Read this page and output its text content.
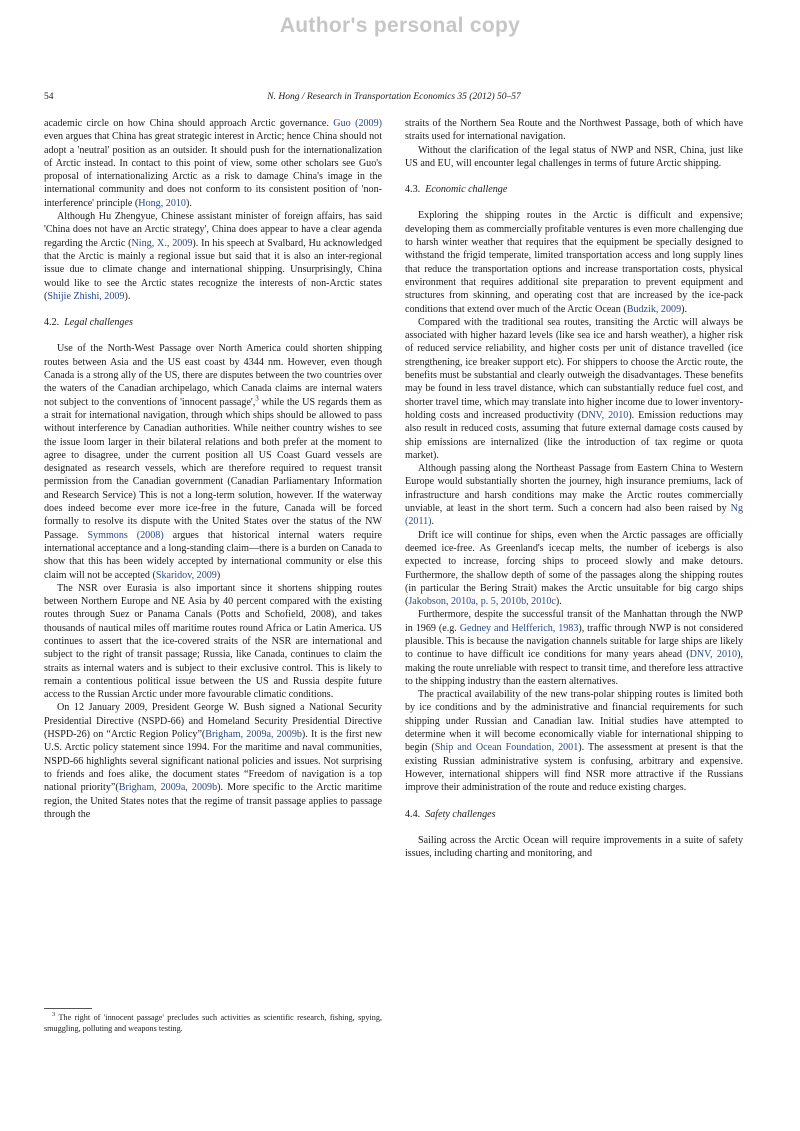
Author's personal copy
54	N. Hong / Research in Transportation Economics 35 (2012) 50–57

academic circle on how China should approach Arctic governance. Guo (2009) even argues that China has great strategic interest in Arctic; hence China should not adopt a 'neutral' position as an outsider. It should push for the internationalization of Arctic instead. In contact to this point of view, some other scholars see Guo's proposal of internationalizing Arctic as a risk to damage China's image in the international community and does not conform to its consistent position of 'non-interference' principle (Hong, 2010).

Although Hu Zhengyue, Chinese assistant minister of foreign affairs, has said 'China does not have an Arctic strategy', China does appear to have a clear agenda regarding the Arctic (Ning, X., 2009). In his speech at Svalbard, Hu acknowledged that the Arctic is mainly a regional issue but said that it is also an inter-regional issue due to climate change and international shipping. Unsurprisingly, China would like to see the Arctic states recognize the interests of non-Arctic states (Shijie Zhishi, 2009).

4.2. Legal challenges

Use of the North-West Passage over North America could shorten shipping routes between Asia and the US east coast by 4344 nm. However, even though Canada is a strong ally of the US, there are disputes between the two countries over the waters of the Canadian archipelago, which Canada claims are internal waters not subject to the conventions of 'innocent passage',$^3$ while the US regards them as a strait for international navigation, through which ships should be allowed to pass without interference by Canadian authorities. While neither country wishes to see the issue loom larger in their bilateral relations and both prefer at the moment to agree to disagree, under the current position all US Coast Guard vessels are designated as research vessels, which are therefore required to request transit permission from the Canadian government (Canadian Parliamentary Information and Research Service) This is not a long-term solution, however. If the waterway does indeed become ever more ice-free in the future, Canada will be forced formally to resolve its dispute with the United States over the status of the NW Passage. Symmons (2008) argues that historical internal waters require international acceptance and a long-standing claim—there is a burden on Canada to show that this has been widely accepted by international community or else this claim will not be accepted (Skaridov, 2009)

The NSR over Eurasia is also important since it shortens shipping routes between Northern Europe and NE Asia by 40 percent compared with the existing routes through Suez or Panama Canals (Potts and Schofield, 2008), and takes thousands of nautical miles off maritime routes round Africa or Latin America. US continues to assert that the ice-covered straits of the NSR are international and subject to the right of transit passage; Russia, like Canada, continues to claim the straits as internal waters and is subject to their exclusive control. This is likely to remain a contentious political issue between the US and Russia despite future access to the Russian Arctic under more favourable climatic conditions.

On 12 January 2009, President George W. Bush signed a National Security Presidential Directive (NSPD-66) and Homeland Security Presidential Directive (HSPD-26) on “Arctic Region Policy”(Brigham, 2009a, 2009b). It is the first new U.S. Arctic policy statement since 1994. For the maritime and naval communities, NSPD-66 highlights several significant national policies and issues. Not surprising to friends and foes alike, the document states “Freedom of navigation is a top national priority”(Brigham, 2009a, 2009b). More specific to the Arctic maritime region, the United States notes that the regime of transit passage applies to passage through the

straits of the Northern Sea Route and the Northwest Passage, both of which have straits used for international navigation.

Without the clarification of the legal status of NWP and NSR, China, just like US and EU, will encounter legal challenges in terms of future Arctic shipping.

4.3. Economic challenge

Exploring the shipping routes in the Arctic is difficult and expensive; developing them as commercially profitable ventures is even more challenging due to harsh winter weather that requires that the equipment be specially designed to withstand the frigid temperate, limited transportation access and long supply lines that reduce the transportation options and increase transportation costs, physical environment that requires additional site preparation to prevent equipment and structures from skinning, and operating cost that are increased by the ice-pack conditions that extend over much of the Arctic Ocean (Budzik, 2009).

Compared with the traditional sea routes, transiting the Arctic will always be associated with higher hazard levels (like sea ice and harsh weather), a higher risk of reduced service reliability, and higher costs per unit of distance travelled (ice strengthening, ice breaker support etc). For shippers to choose the Arctic route, the benefits must be substantial and clearly outweigh the disadvantages. These benefits may be found in less travel distance, which can substantially reduce fuel cost, and shorter travel time, which may translate into higher income due to lower inventory-holding costs and increased productivity (DNV, 2010). Emission reductions may also result in reduced costs, assuming that future external damage costs caused by ship emissions are internalized (like the introduction of tax regime or quota market).

Although passing along the Northeast Passage from Eastern China to Western Europe would substantially shorten the journey, high insurance premiums, lack of infrastructure and harsh conditions may make the Arctic routes commercially unviable, at least in the short term. Such a concern had also been raised by Ng (2011).

Drift ice will continue for ships, even when the Arctic passages are officially deemed ice-free. As Greenland's icecap melts, the number of icebergs is also expected to increase, forcing ships to proceed slowly and make detours. Furthermore, the shallow depth of some of the passages along the shipping routes (in particular the Bering Strait) makes the Arctic unsuitable for big cargo ships (Jakobson, 2010a, p. 5, 2010b, 2010c).

Furthermore, despite the successful transit of the Manhattan through the NWP in 1969 (e.g. Gedney and Helfferich, 1983), traffic through NWP is not considered plausible. This is because the navigation channels suitable for large ships are likely to continue to have difficult ice conditions for many years ahead (DNV, 2010), making the route unreliable with respect to transit time, and therefore less attractive to the shipping industry than the eastern alternatives.

The practical availability of the new trans-polar shipping routes is limited both by ice conditions and by the administrative and financial requirements for such shipping under Russian and Canadian law. Initial studies have attempted to determine when it will become economically viable for international shipping to begin (Ship and Ocean Foundation, 2001). The assessment at present is that the existing Russian administrative system is confusing, arbitrary and expensive. However, international shippers will find NSR more attractive if the Russians improve their administration of the route and reduce existing charges.

4.4. Safety challenges

Sailing across the Arctic Ocean will require improvements in a suite of safety issues, including charting and monitoring, and

$^3$ The right of 'innocent passage' precludes such activities as scientific research, fishing, spying, smuggling, polluting and weapons testing.
